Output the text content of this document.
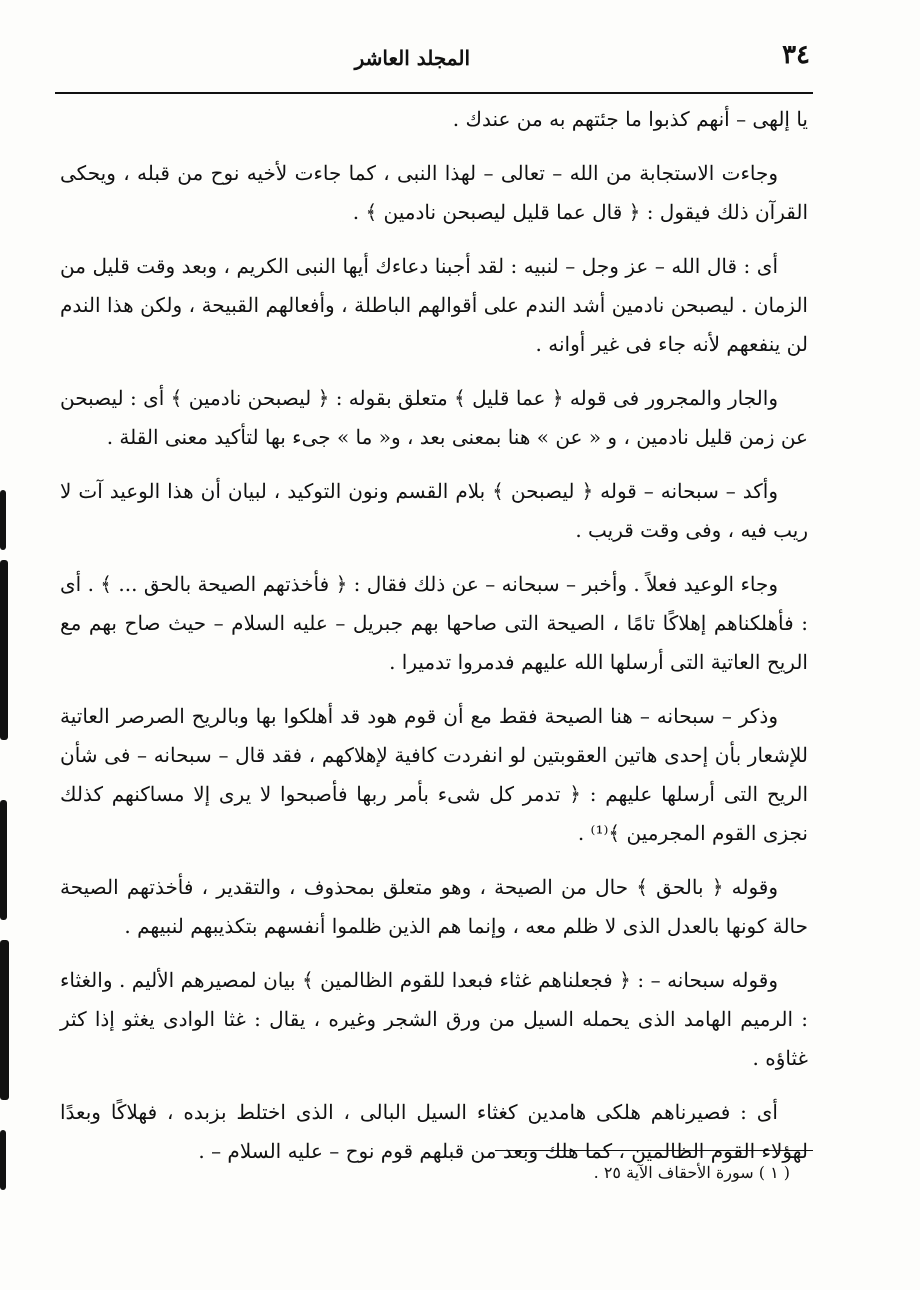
٣٤
المجلد العاشر

يا إلهى – أنهم كذبوا ما جئتهم به من عندك .

وجاءت الاستجابة من الله – تعالى – لهذا النبى ، كما جاءت لأخيه نوح من قبله ، ويحكى القرآن ذلك فيقول : ﴿ قال عما قليل ليصبحن نادمين ﴾ .

أى : قال الله – عز وجل – لنبيه : لقد أجبنا دعاءك أيها النبى الكريم ، وبعد وقت قليل من الزمان . ليصبحن نادمين أشد الندم على أقوالهم الباطلة ، وأفعالهم القبيحة ، ولكن هذا الندم لن ينفعهم لأنه جاء فى غير أوانه .

والجار والمجرور فى قوله ﴿ عما قليل ﴾ متعلق بقوله : ﴿ ليصبحن نادمين ﴾ أى : ليصبحن عن زمن قليل نادمين ، و « عن » هنا بمعنى بعد ، و« ما » جىء بها لتأكيد معنى القلة .

وأكد – سبحانه – قوله ﴿ ليصبحن ﴾ بلام القسم ونون التوكيد ، لبيان أن هذا الوعيد آت لا ريب فيه ، وفى وقت قريب .

وجاء الوعيد فعلاً . وأخبر – سبحانه – عن ذلك فقال : ﴿ فأخذتهم الصيحة بالحق ... ﴾ . أى : فأهلكناهم إهلاكًا تامًا ، الصيحة التى صاحها بهم جبريل – عليه السلام – حيث صاح بهم مع الريح العاتية التى أرسلها الله عليهم فدمروا تدميرا .

وذكر – سبحانه – هنا الصيحة فقط مع أن قوم هود قد أهلكوا بها وبالريح الصرصر العاتية للإشعار بأن إحدى هاتين العقوبتين لو انفردت كافية لإهلاكهم ، فقد قال – سبحانه – فى شأن الريح التى أرسلها عليهم : ﴿ تدمر كل شىء بأمر ربها فأصبحوا لا يرى إلا مساكنهم كذلك نجزى القوم المجرمين ﴾⁽¹⁾ .

وقوله ﴿ بالحق ﴾ حال من الصيحة ، وهو متعلق بمحذوف ، والتقدير ، فأخذتهم الصيحة حالة كونها بالعدل الذى لا ظلم معه ، وإنما هم الذين ظلموا أنفسهم بتكذيبهم لنبيهم .

وقوله سبحانه – : ﴿ فجعلناهم غثاء فبعدا للقوم الظالمين ﴾ بيان لمصيرهم الأليم . والغثاء : الرميم الهامد الذى يحمله السيل من ورق الشجر وغيره ، يقال : غثا الوادى يغثو إذا كثر غثاؤه .

أى : فصيرناهم هلكى هامدين كغثاء السيل البالى ، الذى اختلط بزبده ، فهلاكًا وبعدًا لهؤلاء القوم الظالمين ، كما هلك وبعد من قبلهم قوم نوح – عليه السلام – .

( ١ ) سورة الأحقاف الآية ٢٥ .
